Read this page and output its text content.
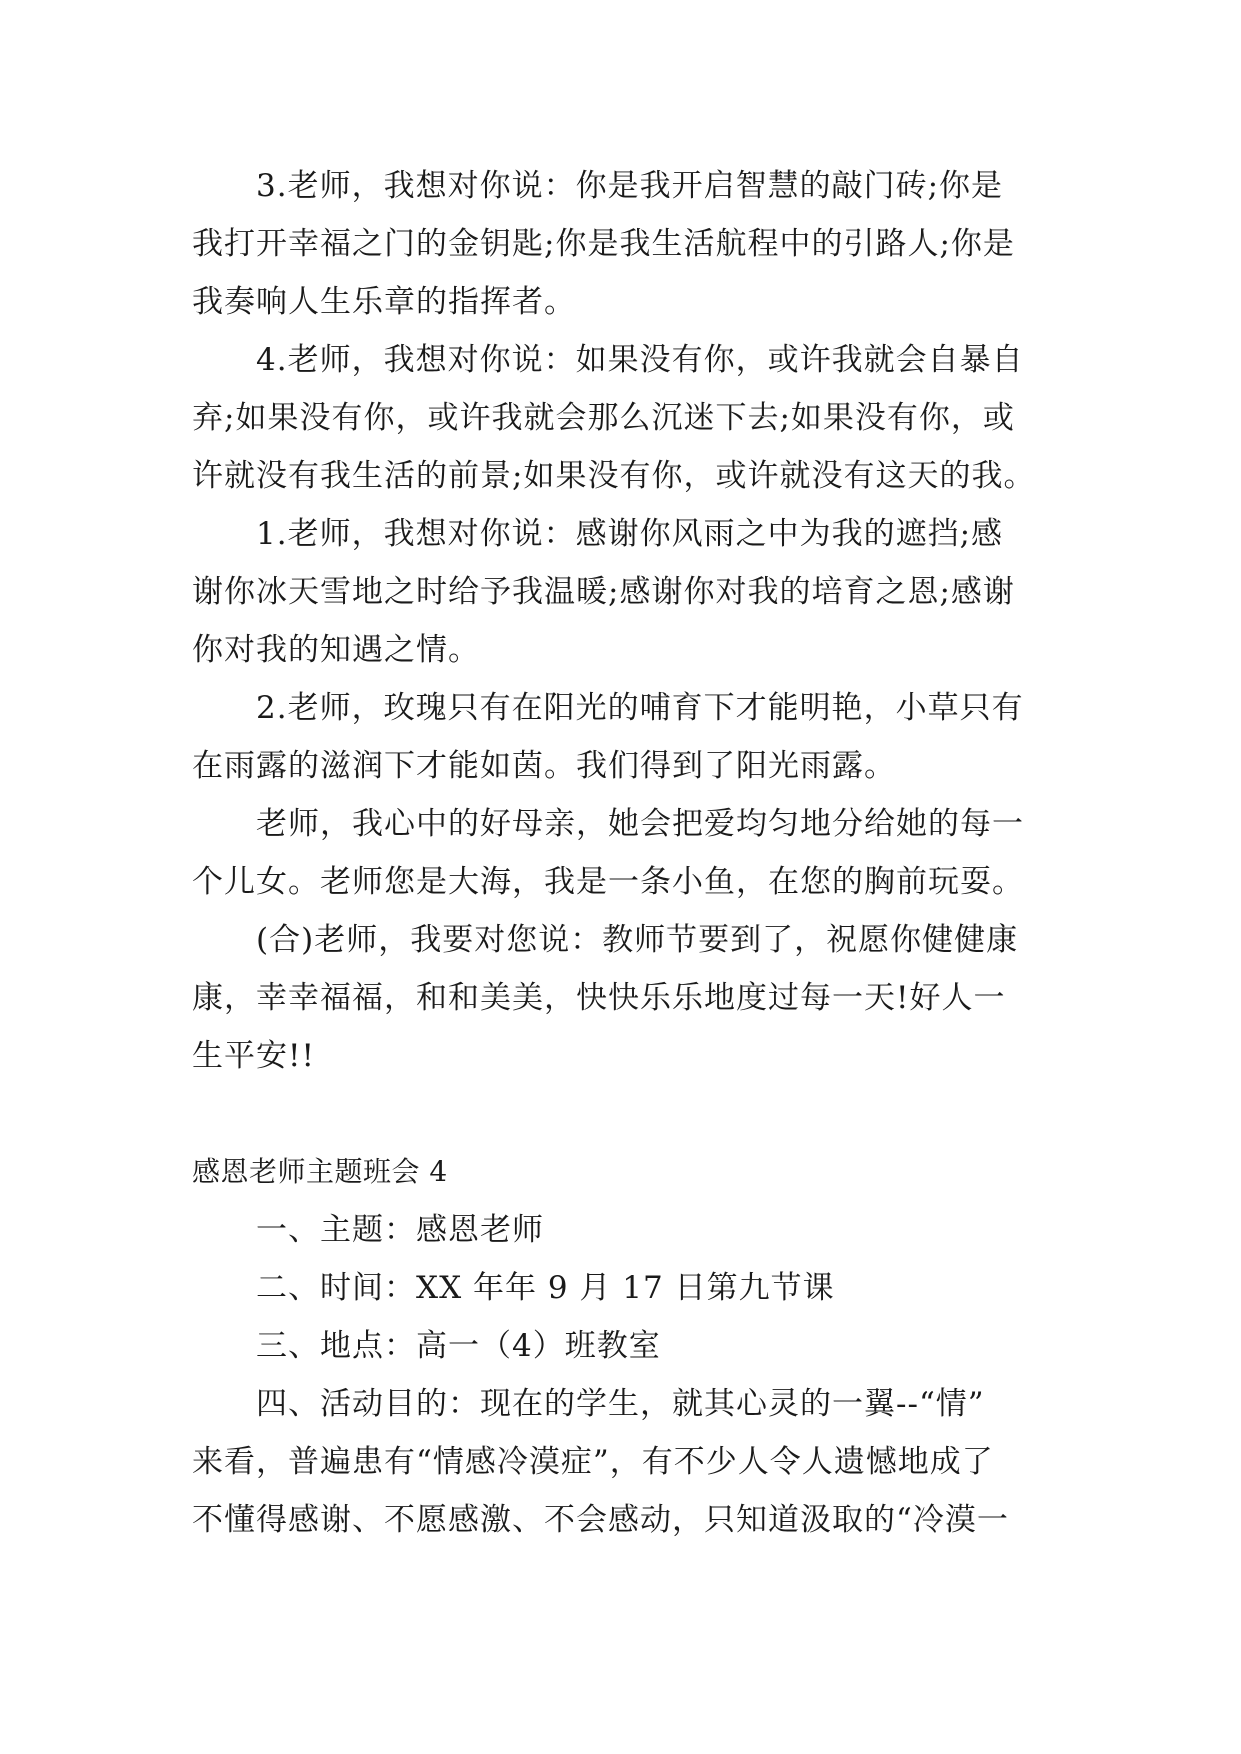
3.老师，我想对你说：你是我开启智慧的敲门砖;你是
我打开幸福之门的金钥匙;你是我生活航程中的引路人;你是
我奏响人生乐章的指挥者。
4.老师，我想对你说：如果没有你，或许我就会自暴自
弃;如果没有你，或许我就会那么沉迷下去;如果没有你，或
许就没有我生活的前景;如果没有你，或许就没有这天的我。
1.老师，我想对你说：感谢你风雨之中为我的遮挡;感
谢你冰天雪地之时给予我温暖;感谢你对我的培育之恩;感谢
你对我的知遇之情。
2.老师，玫瑰只有在阳光的哺育下才能明艳，小草只有
在雨露的滋润下才能如茵。我们得到了阳光雨露。
老师，我心中的好母亲，她会把爱均匀地分给她的每一
个儿女。老师您是大海，我是一条小鱼，在您的胸前玩耍。
(合)老师，我要对您说：教师节要到了，祝愿你健健康
康，幸幸福福，和和美美，快快乐乐地度过每一天!好人一
生平安!!
感恩老师主题班会 4
一、主题：感恩老师
二、时间：XX 年年 9 月 17 日第九节课
三、地点：高一（4）班教室
四、活动目的：现在的学生，就其心灵的一翼--“情”
来看，普遍患有“情感冷漠症”，有不少人令人遗憾地成了
不懂得感谢、不愿感激、不会感动，只知道汲取的“冷漠一
